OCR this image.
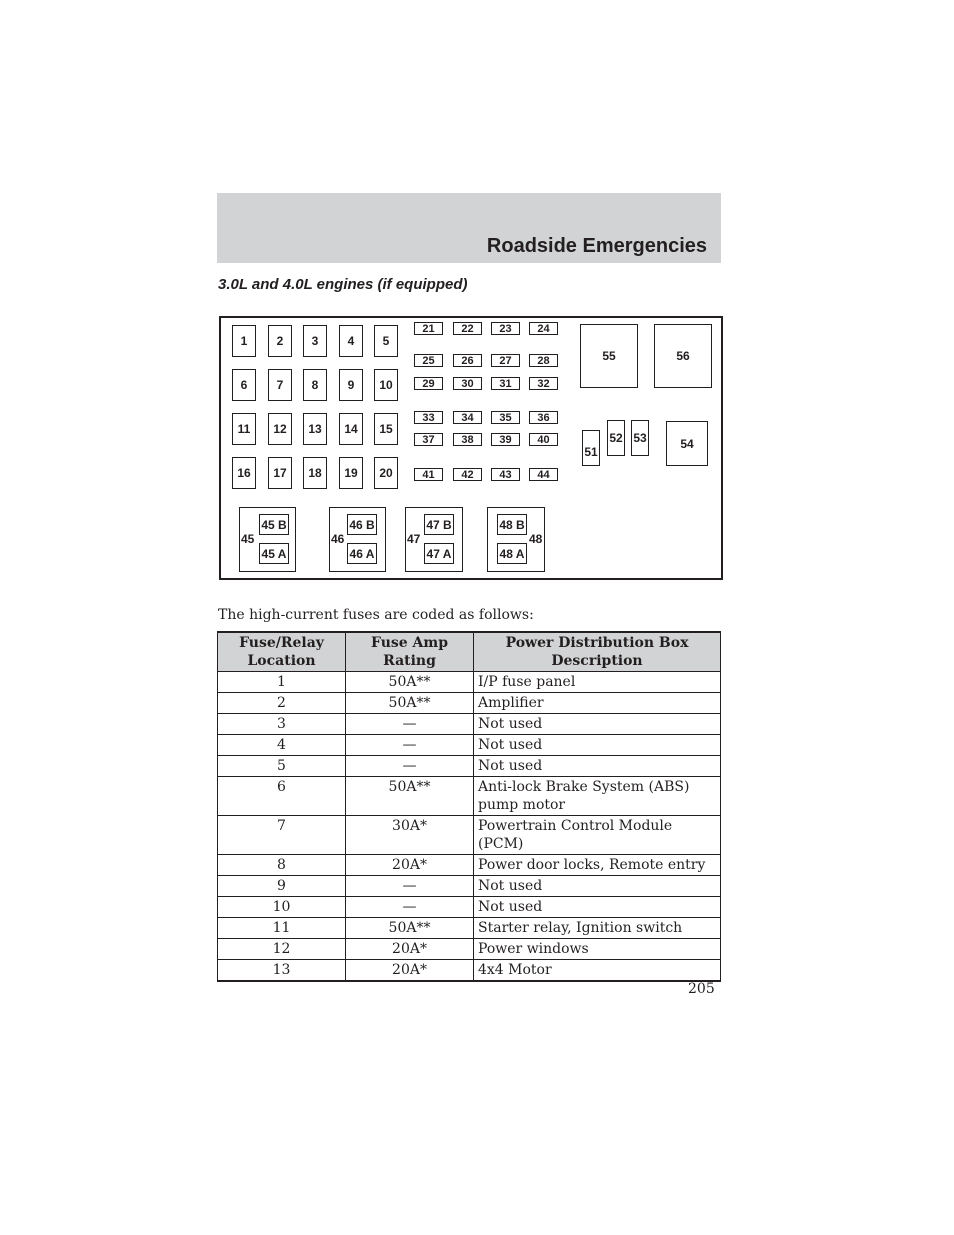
Roadside Emergencies
3.0L and 4.0L engines (if equipped)
1	2	3	4	5
6	7	8	9	10
11	12	13	14	15
16	17	18	19	20
21	22	23	24
25	26	27	28
29	30	31	32
33	34	35	36
37	38	39	40
41	42	43	44
55	56
54
51
52 53
45 B
45 A
45
46 B
46 A
46
47 B
47 A
47
48 B
48 A
48
The high-current fuses are coded as follows:
Fuse/Relay Location	Fuse Amp Rating	Power Distribution Box Description
1	50A**	I/P fuse panel
2	50A**	Amplifier
3	—	Not used
4	—	Not used
5	—	Not used
6	50A**	Anti-lock Brake System (ABS) pump motor
7	30A*	Powertrain Control Module (PCM)
8	20A*	Power door locks, Remote entry
9	—	Not used
10	—	Not used
11	50A**	Starter relay, Ignition switch
12	20A*	Power windows
13	20A*	4x4 Motor
205
